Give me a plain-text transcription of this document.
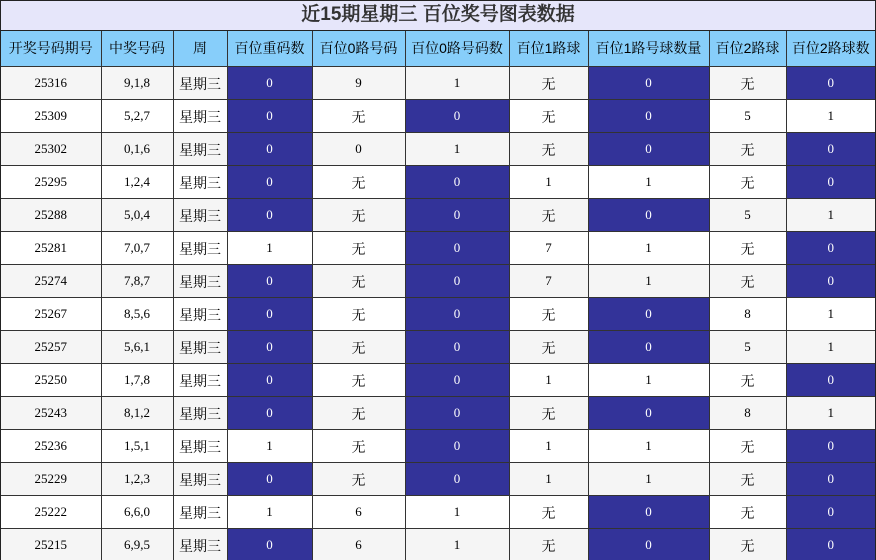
近15期星期三 百位奖号图表数据
开奖号码期号	中奖号码	周	百位重码数	百位0路号码	百位0路号码数	百位1路球	百位1路号球数量	百位2路球	百位2路球数
25316	9,1,8	星期三	0	9	1	无	0	无	0
25309	5,2,7	星期三	0	无	0	无	0	5	1
25302	0,1,6	星期三	0	0	1	无	0	无	0
25295	1,2,4	星期三	0	无	0	1	1	无	0
25288	5,0,4	星期三	0	无	0	无	0	5	1
25281	7,0,7	星期三	1	无	0	7	1	无	0
25274	7,8,7	星期三	0	无	0	7	1	无	0
25267	8,5,6	星期三	0	无	0	无	0	8	1
25257	5,6,1	星期三	0	无	0	无	0	5	1
25250	1,7,8	星期三	0	无	0	1	1	无	0
25243	8,1,2	星期三	0	无	0	无	0	8	1
25236	1,5,1	星期三	1	无	0	1	1	无	0
25229	1,2,3	星期三	0	无	0	1	1	无	0
25222	6,6,0	星期三	1	6	1	无	0	无	0
25215	6,9,5	星期三	0	6	1	无	0	无	0
